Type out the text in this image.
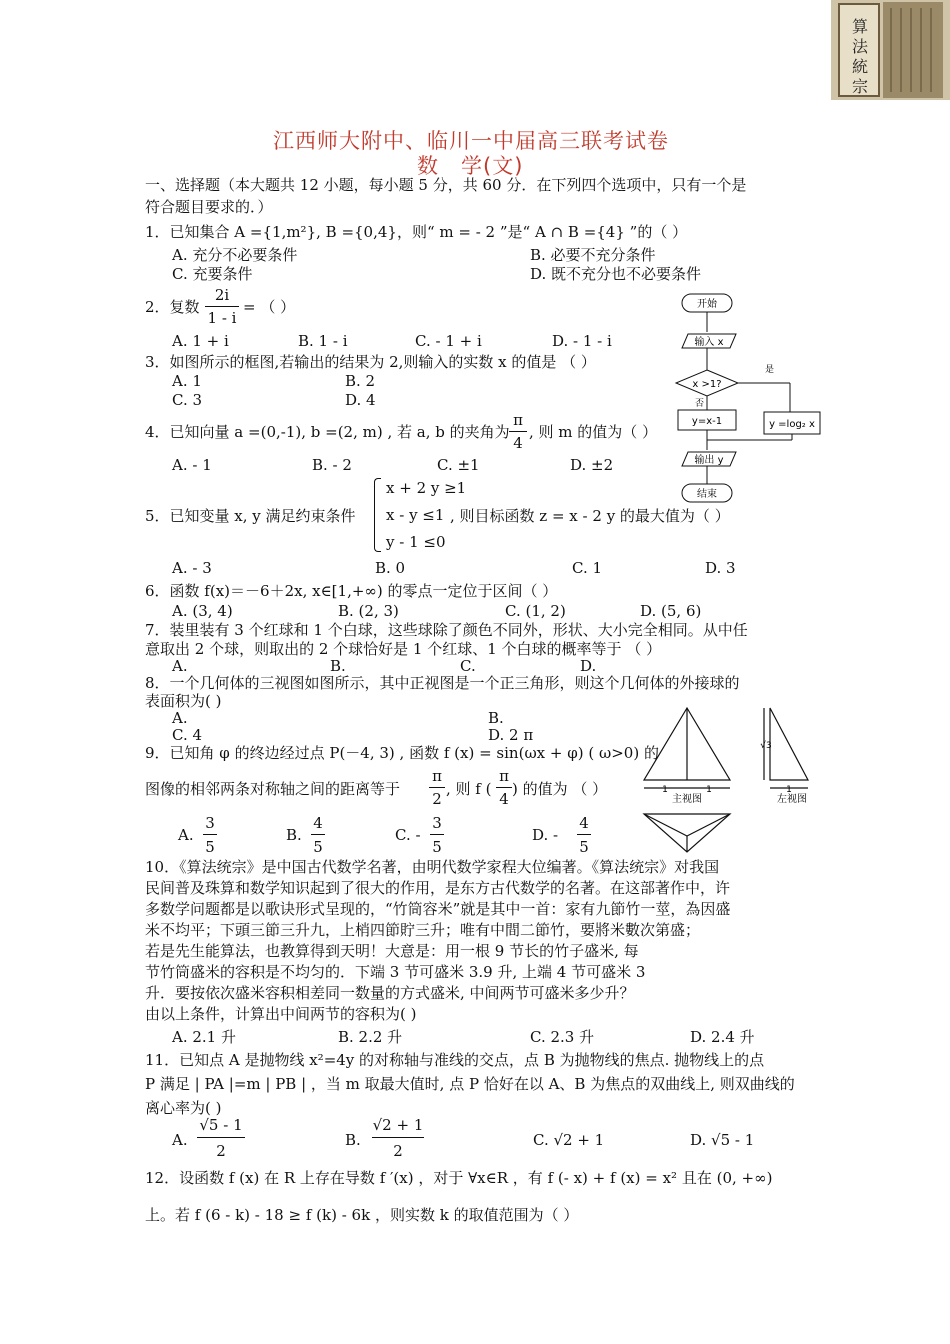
算法統宗
江西师大附中、临川一中届高三联考试卷
数　学(文)
一、选择题（本大题共 12 小题，每小题 5 分，共 60 分．在下列四个选项中，只有一个是
符合题目要求的．）
1．已知集合 A ={1,m²}, B ={0,4}，则“ m = - 2 ”是“ A ∩ B ={4} ”的（ ）
A. 充分不必要条件	B. 必要不充分条件
C. 充要条件	D. 既不充分也不必要条件
2．复数
2i
1 - i
= （ ）
A. 1 + i	B. 1 - i	C. - 1 + i	D. - 1 - i
3．如图所示的框图,若输出的结果为 2,则输入的实数 x 的值是 （ ）
A. 1	B. 2
C. 3	D. 4
4．已知向量 a =(0,-1), b =(2, m) , 若 a, b 的夹角为
π
4
, 则 m 的值为（ ）
A. - 1	B. - 2	C. ±1	D. ±2
5．已知变量 x, y 满足约束条件
x + 2 y ≥1
x - y ≤1
y - 1 ≤0
, 则目标函数 z = x - 2 y 的最大值为（ ）
A. - 3	B. 0	C. 1	D. 3
6．函数 f(x)＝－6＋2x, x∈[1,+∞) 的零点一定位于区间（ ）
A. (3, 4)	B. (2, 3)	C. (1, 2)	D. (5, 6)
7．装里装有 3 个红球和 1 个白球，这些球除了颜色不同外，形状、大小完全相同。从中任
意取出 2 个球，则取出的 2 个球恰好是 1 个红球、1 个白球的概率等于 （ ）
A.	B.	C.	D.
8．一个几何体的三视图如图所示，其中正视图是一个正三角形，则这个几何体的外接球的
表面积为( )
A.	B.
C. 4	D. 2 π
9．已知角 φ 的终边经过点 P(－4, 3) , 函数 f (x) = sin(ωx + φ) ( ω>0) 的
图像的相邻两条对称轴之间的距离等于
π
2
, 则 f (
π
4
) 的值为 （ ）
A.
3
5
B.
4
5
C. -
3
5
D. -
4
5
10．《算法统宗》是中国古代数学名著，由明代数学家程大位编著。《算法统宗》对我国
民间普及珠算和数学知识起到了很大的作用，是东方古代数学的名著。在这部著作中，许
多数学问题都是以歌诀形式呈现的，“竹筒容米”就是其中一首：家有九節竹一莖，為因盛
米不均平；下頭三節三升九，上梢四節貯三升；唯有中間二節竹，要將米數次第盛；
若是先生能算法，也教算得到天明！大意是：用一根 9 节长的竹子盛米, 每
节竹筒盛米的容积是不均匀的．下端 3 节可盛米 3.9 升, 上端 4 节可盛米 3
升．要按依次盛米容积相差同一数量的方式盛米, 中间两节可盛米多少升？
由以上条件，计算出中间两节的容积为( )
A. 2.1 升	B. 2.2 升	C. 2.3 升	D. 2.4 升
11．已知点 A 是抛物线 x²=4y 的对称轴与准线的交点，点 B 为抛物线的焦点. 抛物线上的点
P 满足 | PA |=m | PB | ，当 m 取最大值时, 点 P 恰好在以 A、B 为焦点的双曲线上, 则双曲线的
离心率为( )
A.
√5 - 1
2
B.
√2 + 1
2
C. √2 + 1	D. √5 - 1
12．设函数 f (x) 在 R 上存在导数 f ′(x) ，对于 ∀x∈R ，有 f (- x) + f (x) = x² 且在 (0, +∞)
上。若 f (6 - k) - 18 ≥ f (k) - 6k ，则实数 k 的取值范围为（ ）
开始
输入 x
x >1?
是
否
y=x-1	y =log₂ x
输出 y
结束
1	1	1
√3
主视图	左视图
